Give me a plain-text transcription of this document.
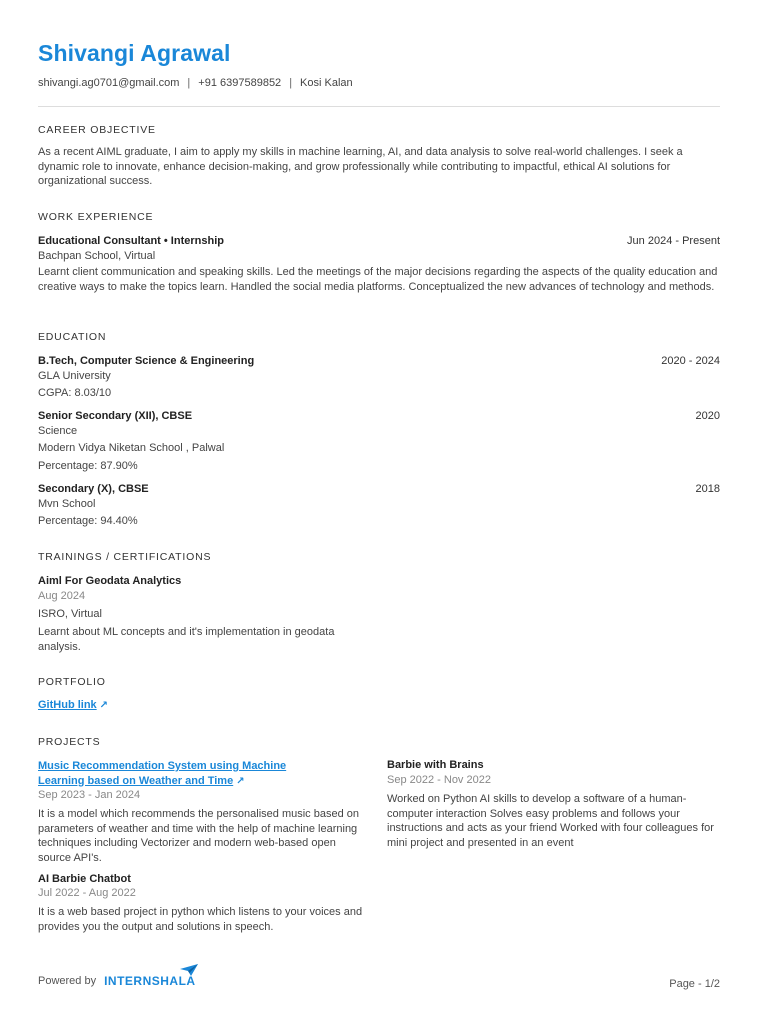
Shivangi Agrawal
shivangi.ag0701@gmail.com | +91 6397589852 | Kosi Kalan
CAREER OBJECTIVE
As a recent AIML graduate, I aim to apply my skills in machine learning, AI, and data analysis to solve real-world challenges. I seek a dynamic role to innovate, enhance decision-making, and grow professionally while contributing to impactful, ethical AI solutions for organizational success.
WORK EXPERIENCE
Educational Consultant • Internship	Jun 2024 - Present
Bachpan School, Virtual
Learnt client communication and speaking skills. Led the meetings of the major decisions regarding the aspects of the quality education and creative ways to make the topics learn. Handled the social media platforms. Conceptualized the new advances of technology and methods.
EDUCATION
B.Tech, Computer Science & Engineering	2020 - 2024
GLA University
CGPA: 8.03/10
Senior Secondary (XII), CBSE	2020
Science
Modern Vidya Niketan School , Palwal
Percentage: 87.90%
Secondary (X), CBSE	2018
Mvn School
Percentage: 94.40%
TRAININGS / CERTIFICATIONS
Aiml For Geodata Analytics
Aug 2024
ISRO, Virtual
Learnt about ML concepts and it's implementation in geodata analysis.
PORTFOLIO
GitHub link ↗
PROJECTS
Music Recommendation System using Machine
Learning based on Weather and Time ↗
Sep 2023 - Jan 2024
It is a model which recommends the personalised music based on parameters of weather and time with the help of machine learning techniques including Vectorizer and modern web-based open source API's.
AI Barbie Chatbot
Jul 2022 - Aug 2022
It is a web based project in python which listens to your voices and provides you the output and solutions in speech.
Barbie with Brains
Sep 2022 - Nov 2022
Worked on Python AI skills to develop a software of a human-computer interaction Solves easy problems and follows your instructions and acts as your friend Worked with four colleagues for mini project and presented in an event
Powered by INTERNSHALA	Page - 1/2
